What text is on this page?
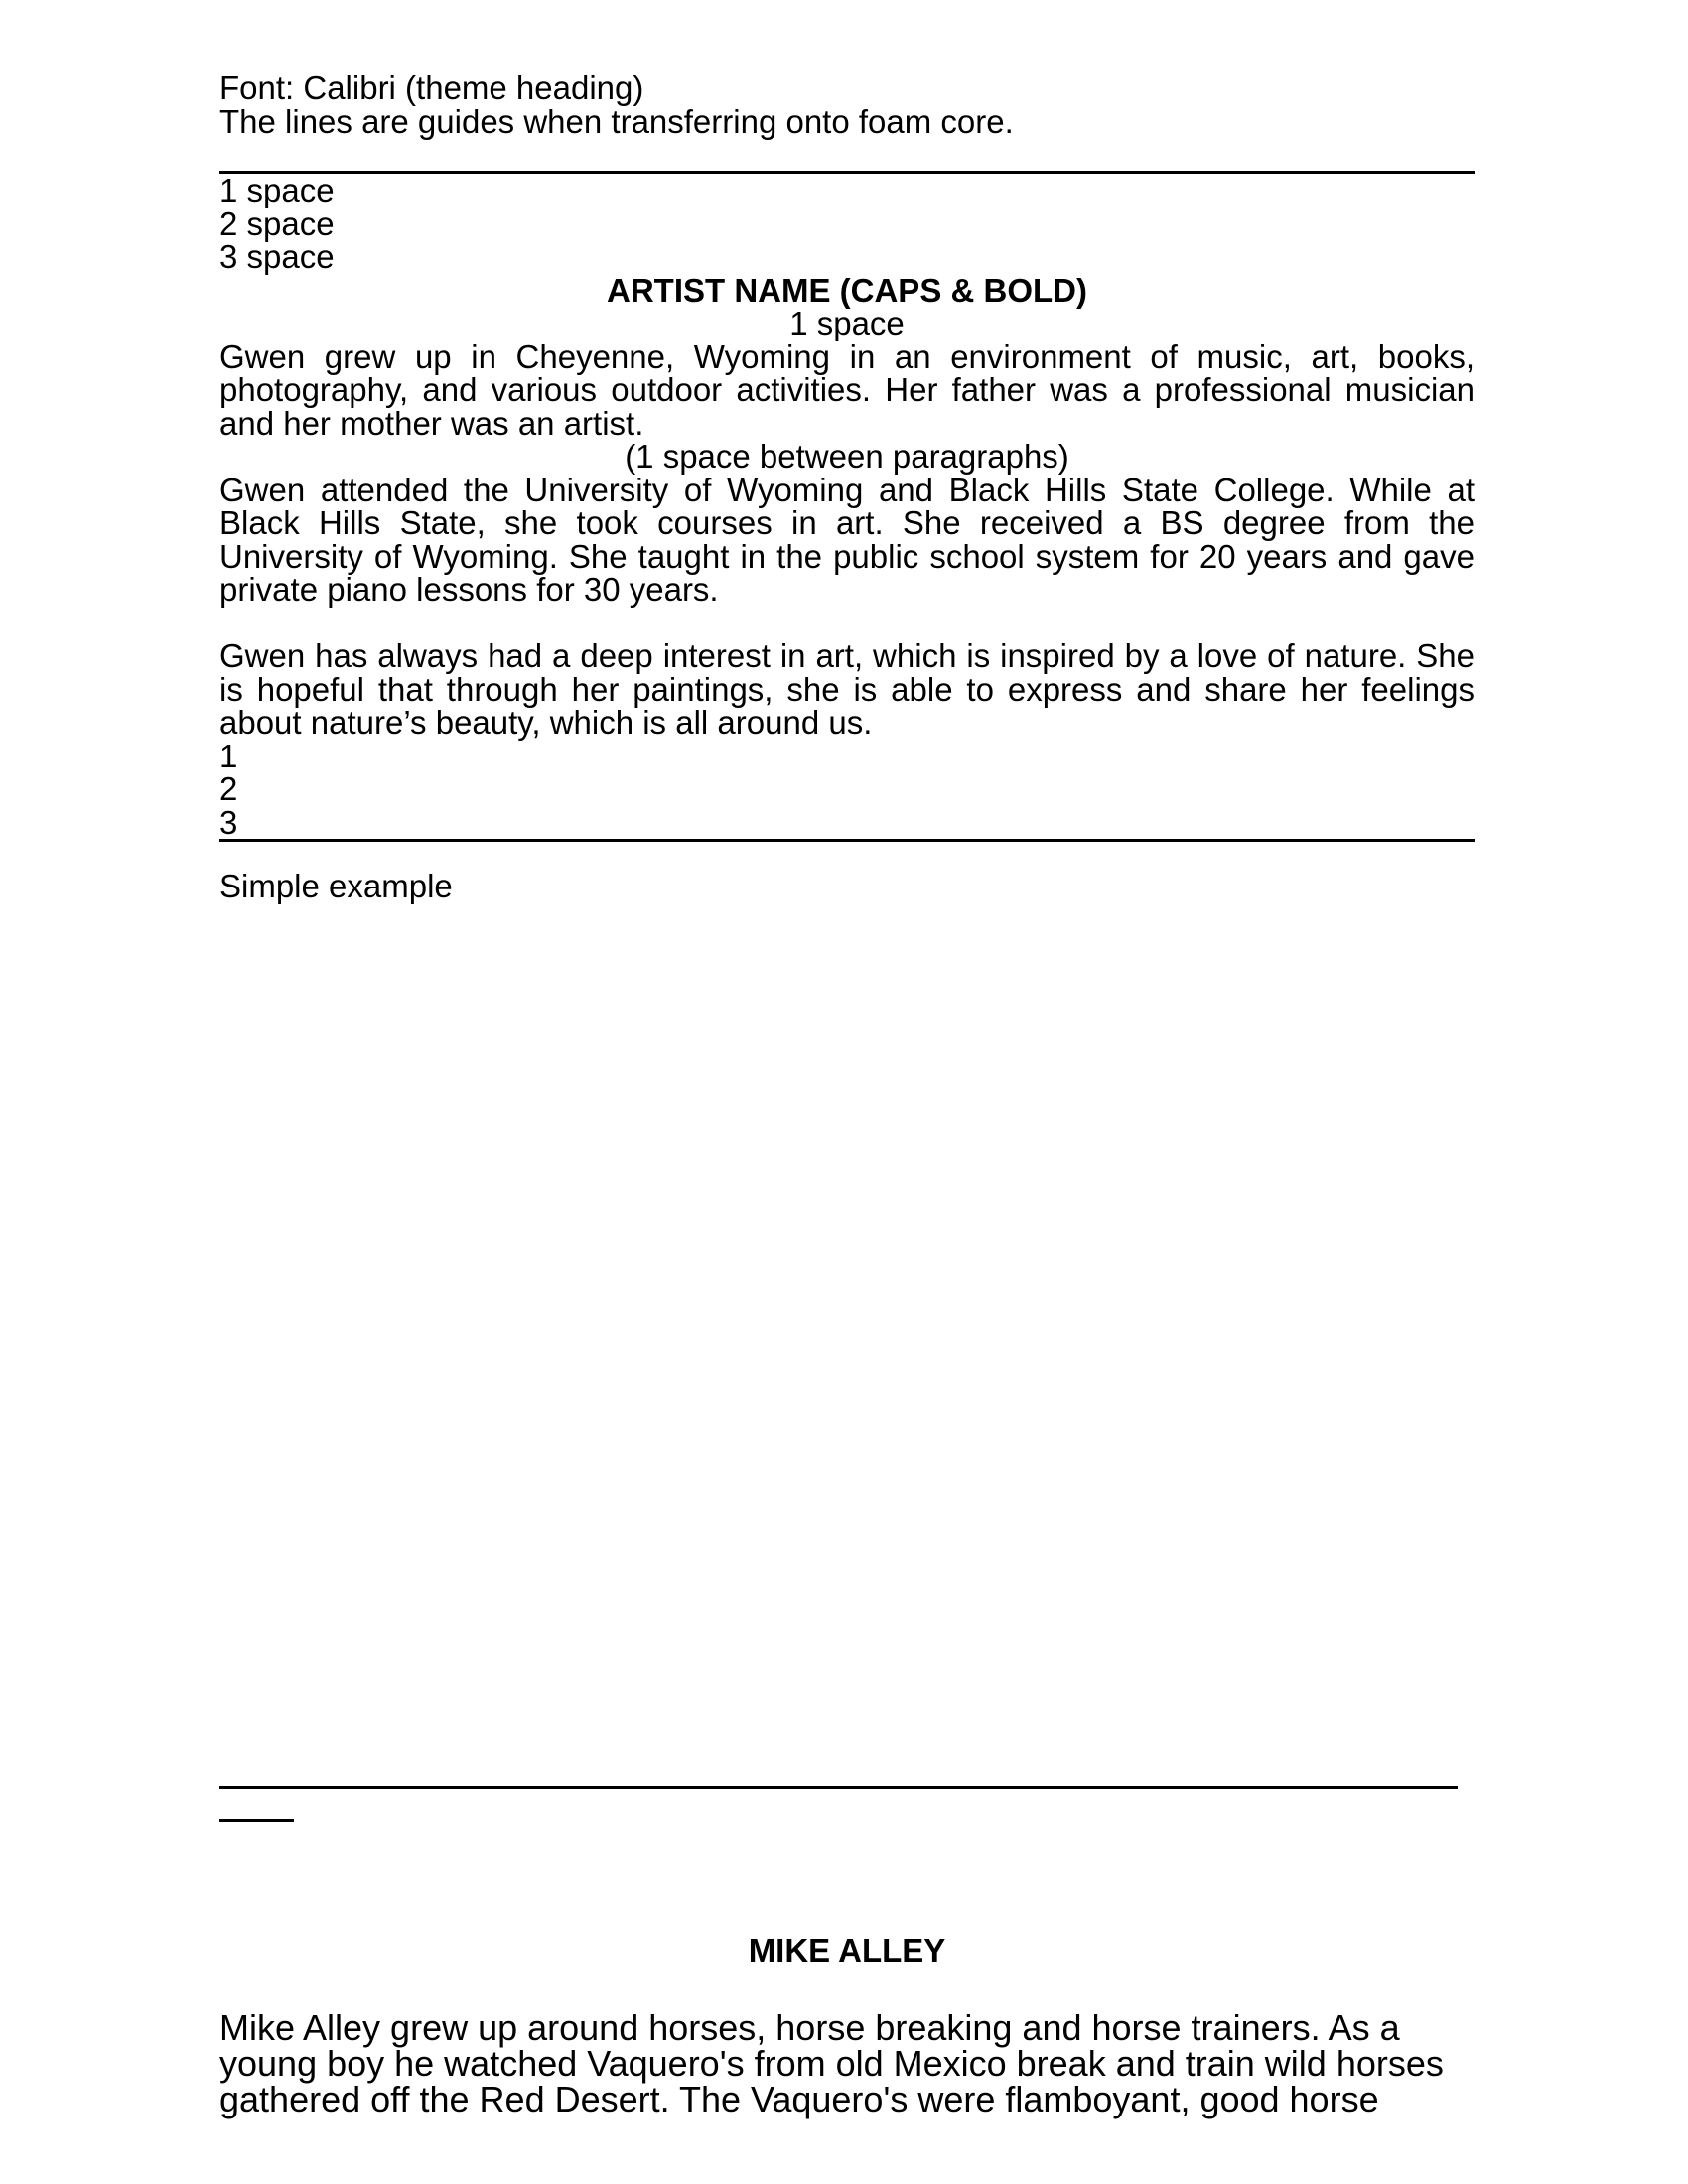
Font: Calibri (theme heading)
The lines are guides when transferring onto foam core.
1 space
2 space
3 space
ARTIST NAME (CAPS & BOLD)
1 space
Gwen grew up in Cheyenne, Wyoming in an environment of music, art, books, photography, and various outdoor activities. Her father was a professional musician and her mother was an artist.
(1 space between paragraphs)
Gwen attended the University of Wyoming and Black Hills State College. While at Black Hills State, she took courses in art. She received a BS degree from the University of Wyoming. She taught in the public school system for 20 years and gave private piano lessons for 30 years.
Gwen has always had a deep interest in art, which is inspired by a love of nature. She is hopeful that through her paintings, she is able to express and share her feelings about nature’s beauty, which is all around us.
1
2
3
Simple example
MIKE ALLEY
Mike Alley grew up around horses, horse breaking and horse trainers. As a
young boy he watched Vaquero's from old Mexico break and train wild horses
gathered off the Red Desert. The Vaquero's were flamboyant, good horse
